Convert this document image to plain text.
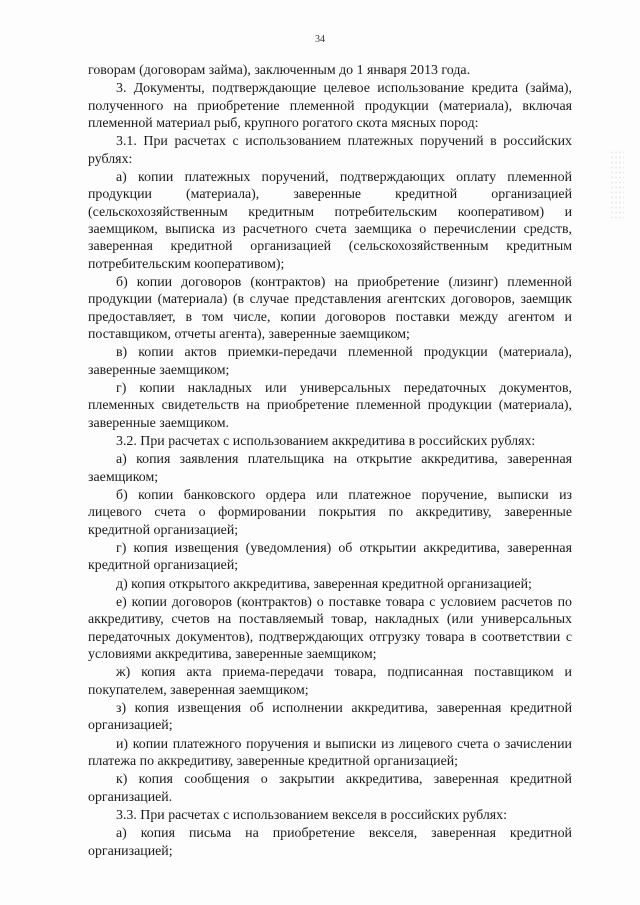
34

говорам (договорам займа), заключенным до 1 января 2013 года.

3. Документы, подтверждающие целевое использование кредита (займа), полученного на приобретение племенной продукции (материала), включая племенной материал рыб, крупного рогатого скота мясных пород:

3.1. При расчетах с использованием платежных поручений в российских рублях:

а) копии платежных поручений, подтверждающих оплату племенной продукции (материала), заверенные кредитной организацией (сельскохозяйственным кредитным потребительским кооперативом) и заемщиком, выписка из расчетного счета заемщика о перечислении средств, заверенная кредитной организацией (сельскохозяйственным кредитным потребительским кооперативом);

б) копии договоров (контрактов) на приобретение (лизинг) племенной продукции (материала) (в случае представления агентских договоров, заемщик предоставляет, в том числе, копии договоров поставки между агентом и поставщиком, отчеты агента), заверенные заемщиком;

в) копии актов приемки-передачи племенной продукции (материала), заверенные заемщиком;

г) копии накладных или универсальных передаточных документов, племенных свидетельств на приобретение племенной продукции (материала), заверенные заемщиком.

3.2. При расчетах с использованием аккредитива в российских рублях:

а) копия заявления плательщика на открытие аккредитива, заверенная заемщиком;

б) копии банковского ордера или платежное поручение, выписки из лицевого счета о формировании покрытия по аккредитиву, заверенные кредитной организацией;

г) копия извещения (уведомления) об открытии аккредитива, заверенная кредитной организацией;

д) копия открытого аккредитива, заверенная кредитной организацией;

е) копии договоров (контрактов) о поставке товара с условием расчетов по аккредитиву, счетов на поставляемый товар, накладных (или универсальных передаточных документов), подтверждающих отгрузку товара в соответствии с условиями аккредитива, заверенные заемщиком;

ж) копия акта приема-передачи товара, подписанная поставщиком и покупателем, заверенная заемщиком;

з) копия извещения об исполнении аккредитива, заверенная кредитной организацией;

и) копии платежного поручения и выписки из лицевого счета о зачислении платежа по аккредитиву, заверенные кредитной организацией;

к) копия сообщения о закрытии аккредитива, заверенная кредитной организацией.

3.3. При расчетах с использованием векселя в российских рублях:

а) копия письма на приобретение векселя, заверенная кредитной организацией;
